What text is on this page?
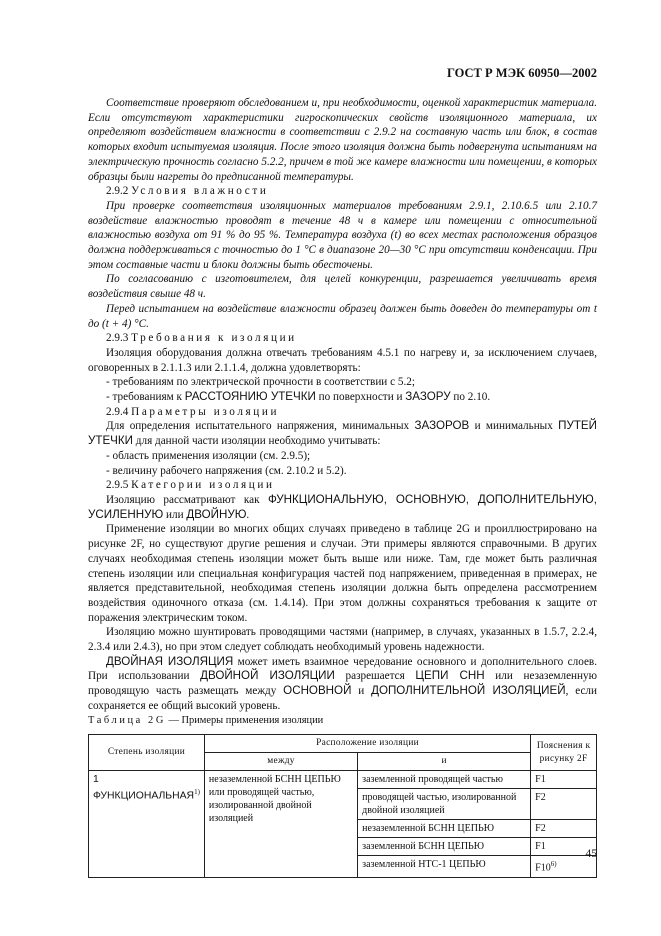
ГОСТ Р МЭК 60950—2002

Соответствие проверяют обследованием и, при необходимости, оценкой характеристик материала. Если отсутствуют характеристики гигроскопических свойств изоляционного материала, их определяют воздействием влажности в соответствии с 2.9.2 на составную часть или блок, в состав которых входит испытуемая изоляция. После этого изоляция должна быть подвергнута испытаниям на электрическую прочность согласно 5.2.2, причем в той же камере влажности или помещении, в которых образцы были нагреты до предписанной температуры.

2.9.2 Условия влажности

При проверке соответствия изоляционных материалов требованиям 2.9.1, 2.10.6.5 или 2.10.7 воздействие влажностью проводят в течение 48 ч в камере или помещении с относительной влажностью воздуха от 91 % до 95 %. Температура воздуха (t) во всех местах расположения образцов должна поддерживаться с точностью до 1 °С в диапазоне 20—30 °С при отсутствии конденсации. При этом составные части и блоки должны быть обесточены.

По согласованию с изготовителем, для целей конкуренции, разрешается увеличивать время воздействия свыше 48 ч.

Перед испытанием на воздействие влажности образец должен быть доведен до температуры от t до (t + 4) °С.

2.9.3 Требования к изоляции

Изоляция оборудования должна отвечать требованиям 4.5.1 по нагреву и, за исключением случаев, оговоренных в 2.1.1.3 или 2.1.1.4, должна удовлетворять:

- требованиям по электрической прочности в соответствии с 5.2;

- требованиям к РАССТОЯНИЮ УТЕЧКИ по поверхности и ЗАЗОРУ по 2.10.

2.9.4 Параметры изоляции

Для определения испытательного напряжения, минимальных ЗАЗОРОВ и минимальных ПУТЕЙ УТЕЧКИ для данной части изоляции необходимо учитывать:

- область применения изоляции (см. 2.9.5);

- величину рабочего напряжения (см. 2.10.2 и 5.2).

2.9.5 Категории изоляции

Изоляцию рассматривают как ФУНКЦИОНАЛЬНУЮ, ОСНОВНУЮ, ДОПОЛНИТЕЛЬНУЮ, УСИЛЕННУЮ или ДВОЙНУЮ.

Применение изоляции во многих общих случаях приведено в таблице 2G и проиллюстрировано на рисунке 2F, но существуют другие решения и случаи. Эти примеры являются справочными. В других случаях необходимая степень изоляции может быть выше или ниже. Там, где может быть различная степень изоляции или специальная конфигурация частей под напряжением, приведенная в примерах, не является представительной, необходимая степень изоляции должна быть определена рассмотрением воздействия одиночного отказа (см. 1.4.14). При этом должны сохраняться требования к защите от поражения электрическим током.

Изоляцию можно шунтировать проводящими частями (например, в случаях, указанных в 1.5.7, 2.2.4, 2.3.4 или 2.4.3), но при этом следует соблюдать необходимый уровень надежности.

ДВОЙНАЯ ИЗОЛЯЦИЯ может иметь взаимное чередование основного и дополнительного слоев. При использовании ДВОЙНОЙ ИЗОЛЯЦИИ разрешается ЦЕПИ СНН или незаземленную проводящую часть размещать между ОСНОВНОЙ и ДОПОЛНИТЕЛЬНОЙ ИЗОЛЯЦИЕЙ, если сохраняется ее общий высокий уровень.

Таблица 2G — Примеры применения изоляции

Степень изоляции	Расположение изоляции		Пояснения к рисунку 2F
	между	и	
1 ФУНКЦИОНАЛЬНАЯ$^{1)}$	незаземленной БСНН ЦЕПЬЮ или проводящей частью, изолированной двойной изоляцией	заземленной проводящей частью	F1
		проводящей частью, изолированной двойной изоляцией	F2
		незаземленной БСНН ЦЕПЬЮ	F2
		заземленной БСНН ЦЕПЬЮ	F1
		заземленной НТС-1 ЦЕПЬЮ	F10$^{6)}$
45
